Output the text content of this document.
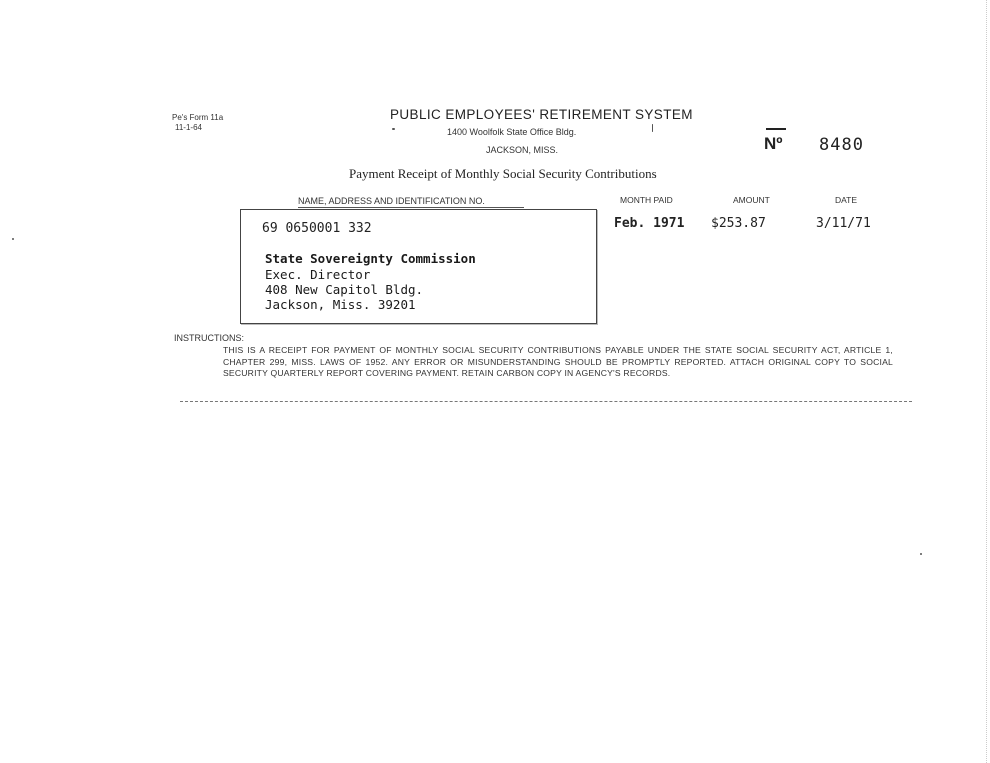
Pe's Form 11a
11-1-64
PUBLIC EMPLOYEES' RETIREMENT SYSTEM
1400 Woolfolk State Office Bldg.
JACKSON, MISS.	Nº 8480
Payment Receipt of Monthly Social Security Contributions
NAME, ADDRESS AND IDENTIFICATION NO.	MONTH PAID	AMOUNT	DATE
69 0650001 332
State Sovereignty Commission
Exec. Director
408 New Capitol Bldg.
Jackson, Miss. 39201
Feb. 1971 $253.87	3/11/71
INSTRUCTIONS:
THIS IS A RECEIPT FOR PAYMENT OF MONTHLY SOCIAL SECURITY CONTRIBUTIONS PAYABLE UNDER THE STATE SOCIAL SECURITY ACT, ARTICLE 1, CHAPTER 299, MISS. LAWS OF 1952. ANY ERROR OR MISUNDERSTANDING SHOULD BE PROMPTLY REPORTED. ATTACH ORIGINAL COPY TO SOCIAL SECURITY QUARTERLY REPORT COVERING PAYMENT. RETAIN CARBON COPY IN AGENCY'S RECORDS.
